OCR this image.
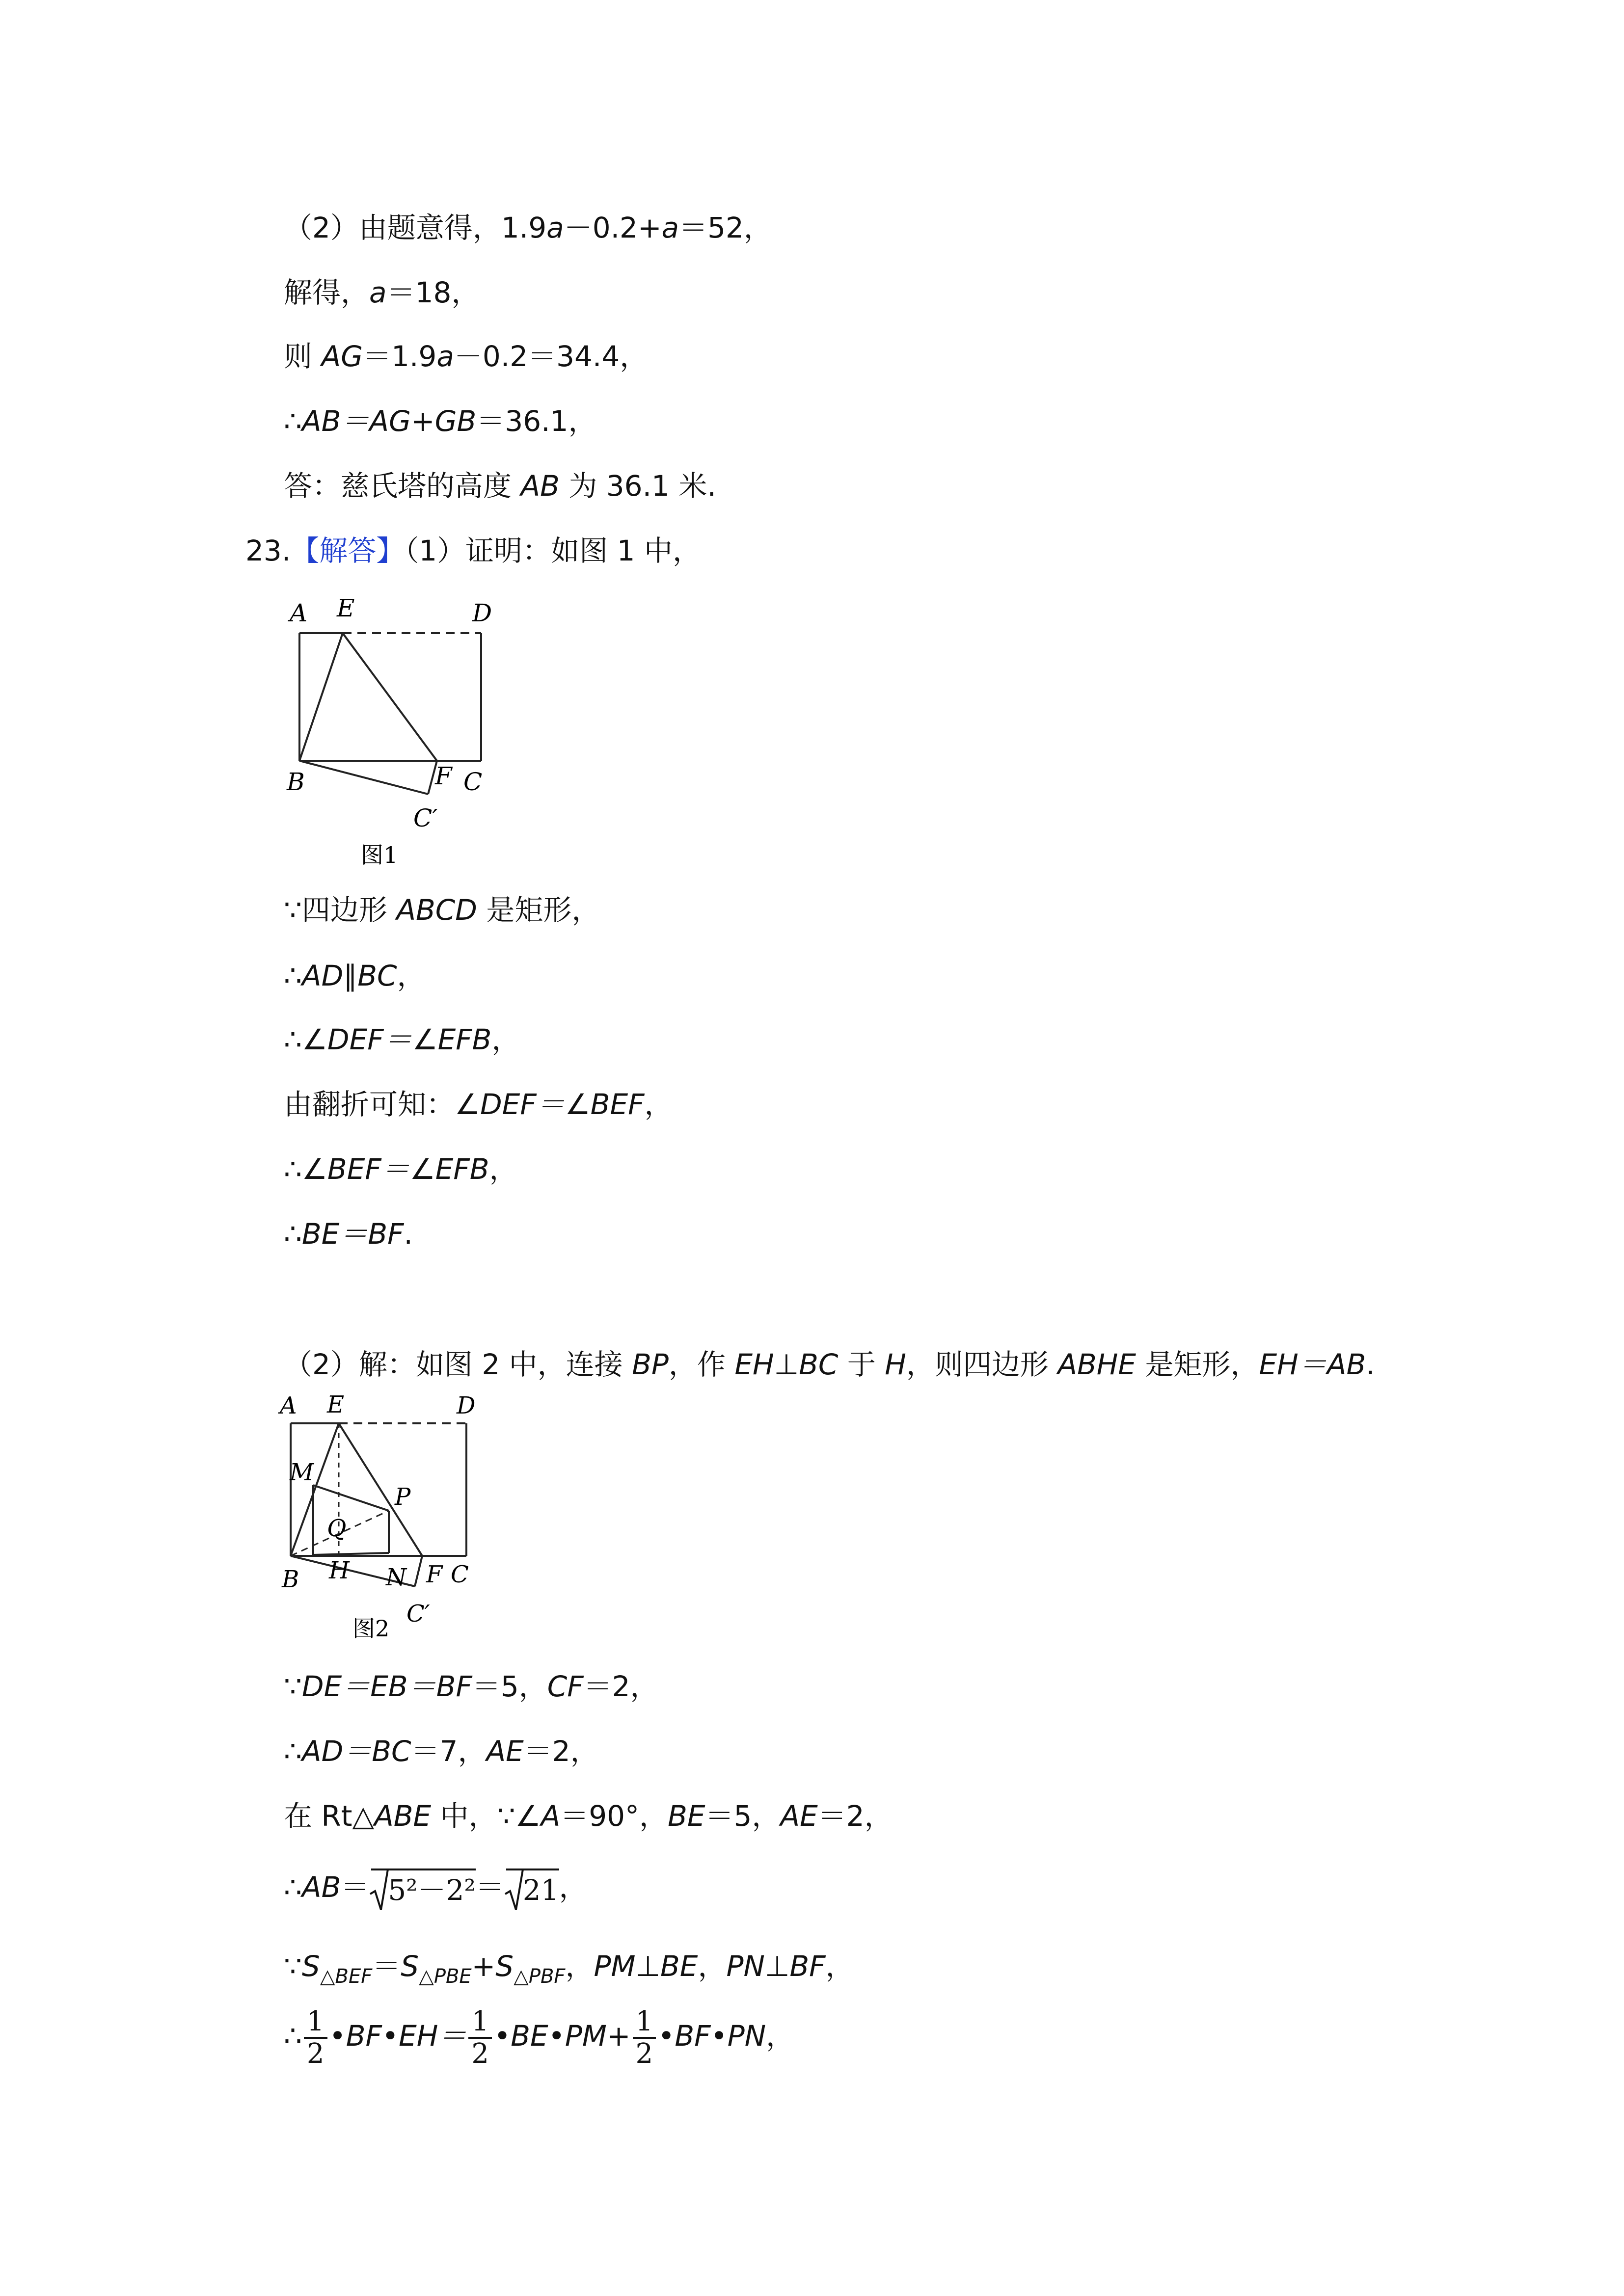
（2）由题意得，1.9a－0.2+a＝52，
解得，a＝18，
则 AG＝1.9a－0.2＝34.4，
∴AB＝AG+GB＝36.1，
答：慈氏塔的高度 AB 为 36.1 米.
23.【解答】（1）证明：如图 1 中，
A E	D
B	F C
C′
图1
∵四边形 ABCD 是矩形，
∴AD∥BC，
∴∠DEF＝∠EFB，
由翻折可知：∠DEF＝∠BEF，
∴∠BEF＝∠EFB，
∴BE＝BF.
（2）解：如图 2 中，连接 BP，作 EH⊥BC 于 H，则四边形 ABHE 是矩形，EH＝AB.
A E	D
M
P
Q
B H N F C
C′
图2
∵DE＝EB＝BF＝5，CF＝2，
∴AD＝BC＝7，AE＝2，
在 Rt△ABE 中，∵∠A＝90°，BE＝5，AE＝2，
∴AB＝ 5²－2²＝ 21，
$\because S_{\triangle BEF}=S_{\triangle PBE}+S_{\triangle PBF}$，PM⊥BE，PN⊥BF，
∴ $\frac{1}{2}$ •BF•EH＝ $\frac{1}{2}$ •BE•PM+ $\frac{1}{2}$ •BF•PN，
